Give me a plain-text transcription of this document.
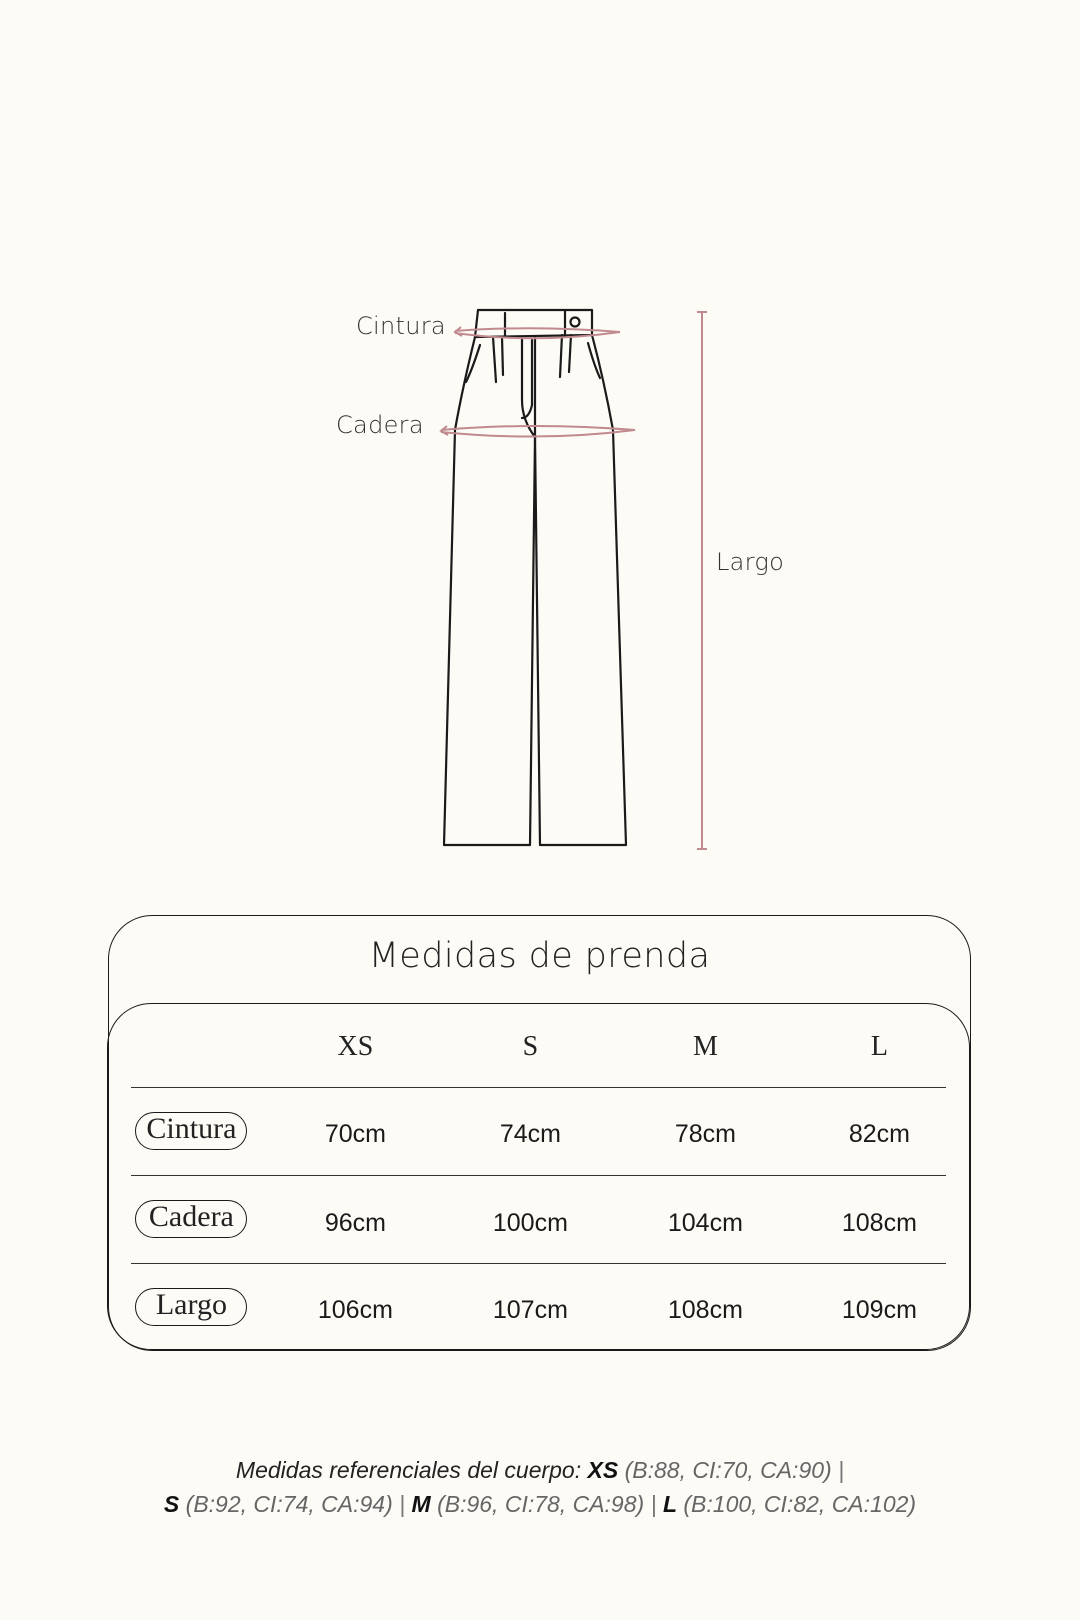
Cintura
Cadera
Largo
Medidas de prenda
XS	S	M	L
Cintura	70cm	74cm	78cm	82cm
Cadera	96cm	100cm	104cm	108cm
Largo	106cm	107cm	108cm	109cm
Medidas referenciales del cuerpo: XS (B:88, CI:70, CA:90) |
S (B:92, CI:74, CA:94) | M (B:96, CI:78, CA:98) | L (B:100, CI:82, CA:102)
